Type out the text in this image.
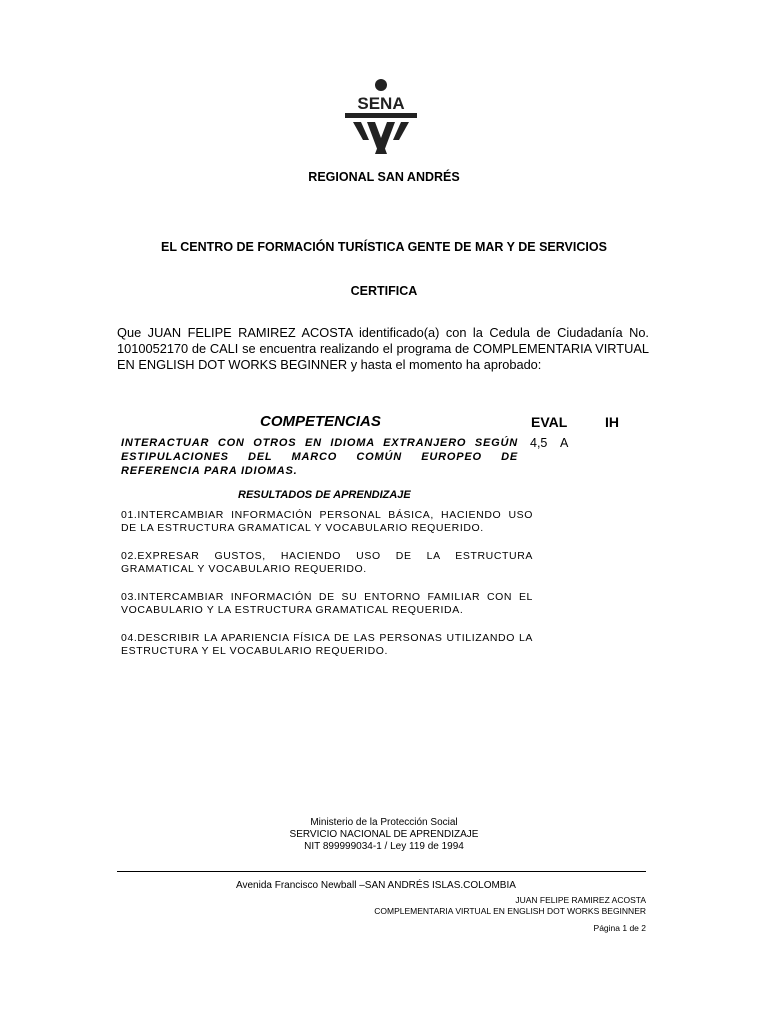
SENA
REGIONAL SAN ANDRÉS
EL CENTRO DE FORMACIÓN TURÍSTICA GENTE DE MAR Y DE SERVICIOS
CERTIFICA
Que JUAN FELIPE RAMIREZ ACOSTA identificado(a) con la Cedula de Ciudadanía No. 1010052170 de CALI se encuentra realizando el programa de COMPLEMENTARIA VIRTUAL EN ENGLISH DOT WORKS BEGINNER y hasta el momento ha aprobado:
COMPETENCIAS	EVAL	IH
INTERACTUAR CON OTROS EN IDIOMA EXTRANJERO SEGÚN ESTIPULACIONES DEL MARCO COMÚN EUROPEO DE REFERENCIA PARA IDIOMAS.
4,5 A
RESULTADOS DE APRENDIZAJE
01.INTERCAMBIAR INFORMACIÓN PERSONAL BÁSICA, HACIENDO USO DE LA ESTRUCTURA GRAMATICAL Y VOCABULARIO REQUERIDO.
02.EXPRESAR GUSTOS, HACIENDO USO DE LA ESTRUCTURA GRAMATICAL Y VOCABULARIO REQUERIDO.
03.INTERCAMBIAR INFORMACIÓN DE SU ENTORNO FAMILIAR CON EL VOCABULARIO Y LA ESTRUCTURA GRAMATICAL REQUERIDA.
04.DESCRIBIR LA APARIENCIA FÍSICA DE LAS PERSONAS UTILIZANDO LA ESTRUCTURA Y EL VOCABULARIO REQUERIDO.
Ministerio de la Protección Social
SERVICIO NACIONAL DE APRENDIZAJE
NIT 899999034-1 / Ley 119 de 1994
Avenida Francisco Newball –SAN ANDRÉS ISLAS.COLOMBIA
JUAN FELIPE RAMIREZ ACOSTA
COMPLEMENTARIA VIRTUAL EN ENGLISH DOT WORKS BEGINNER
Página 1 de 2
